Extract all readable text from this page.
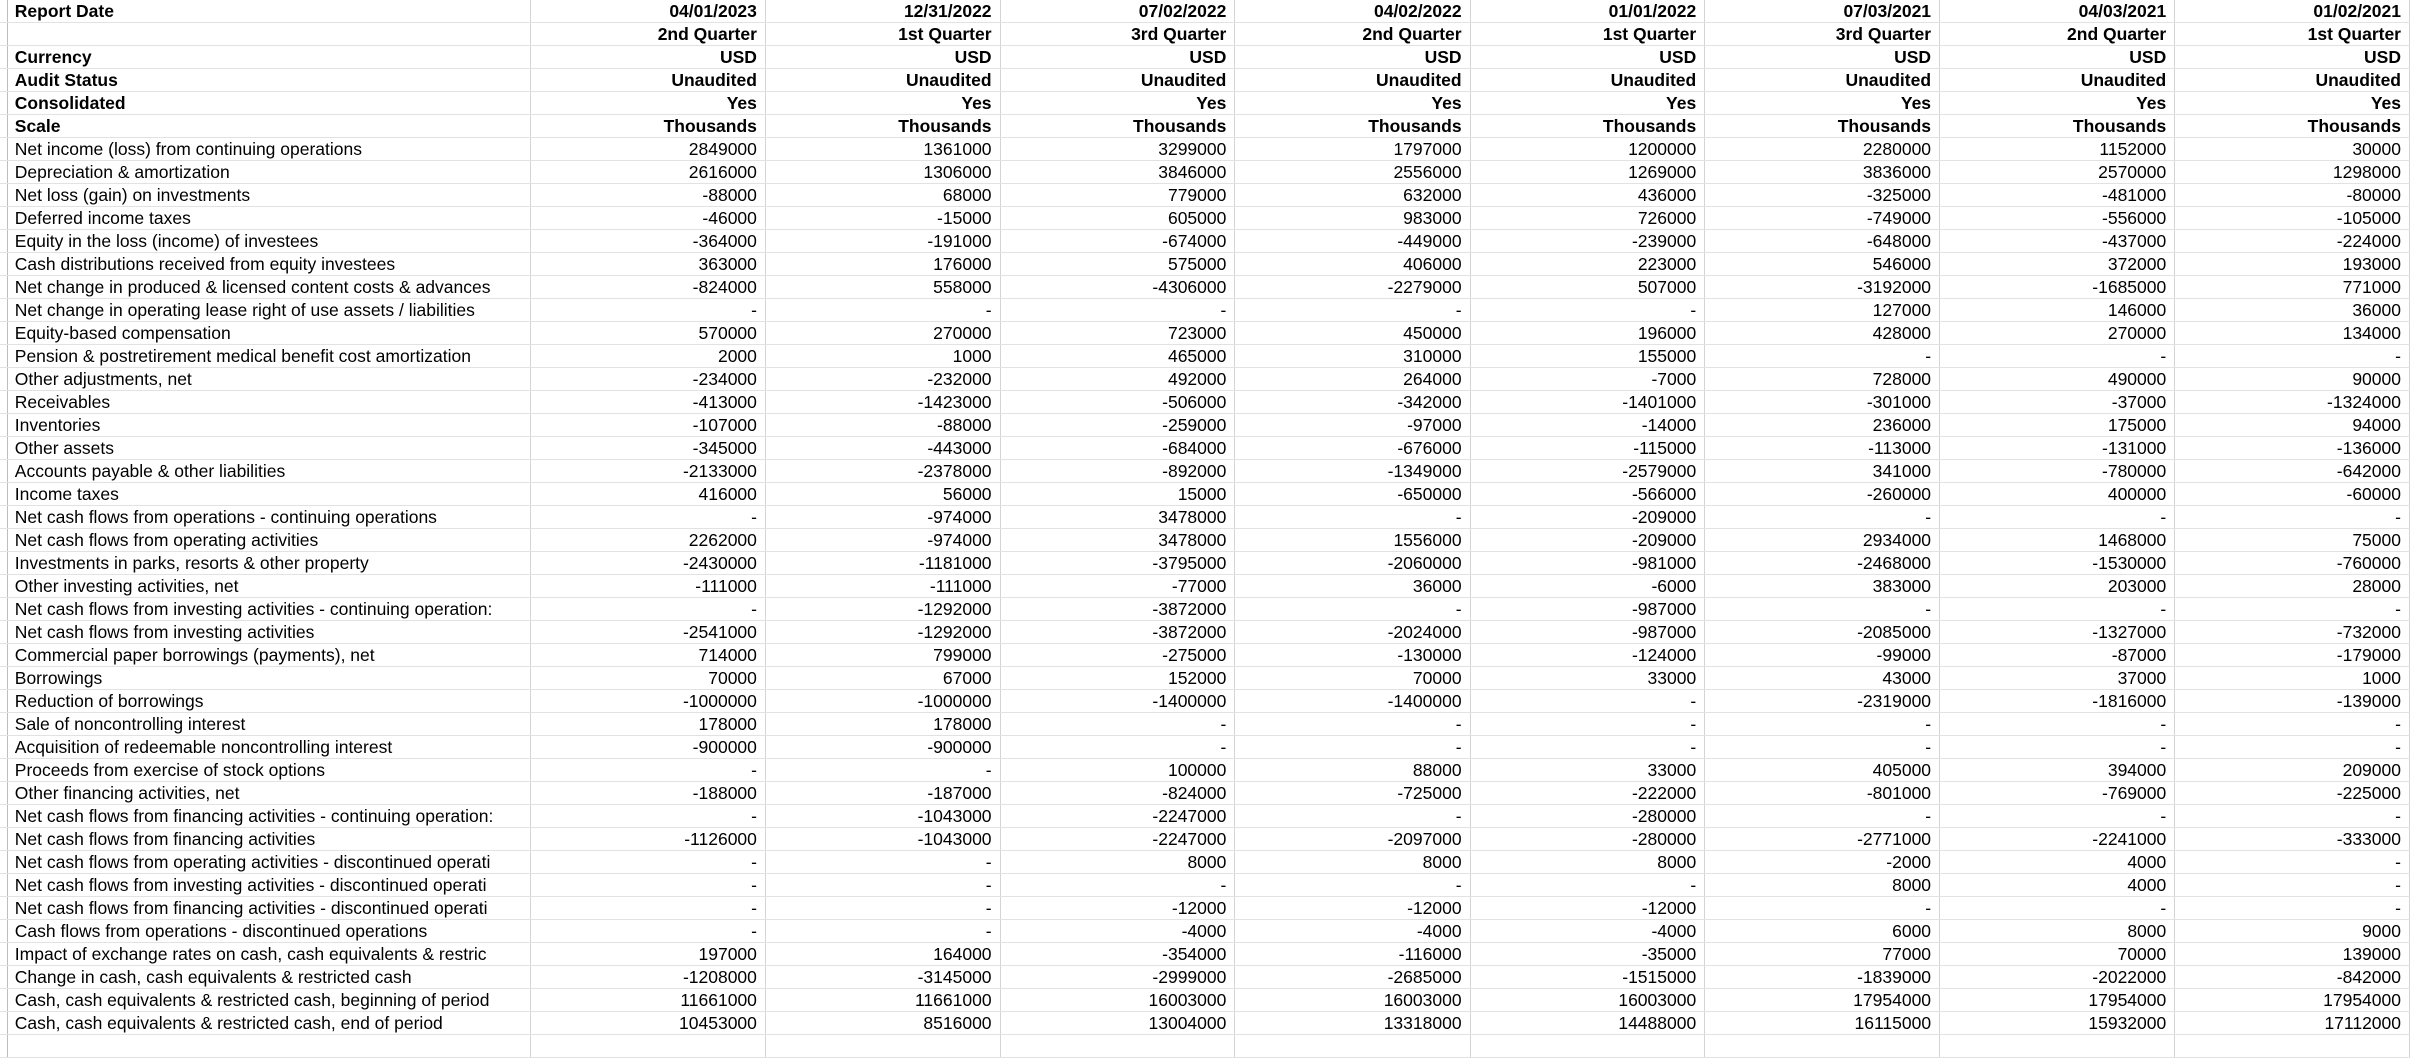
	Report Date	04/01/2023	12/31/2022	07/02/2022	04/02/2022	01/01/2022	07/03/2021	04/03/2021	01/02/2021
		2nd Quarter	1st Quarter	3rd Quarter	2nd Quarter	1st Quarter	3rd Quarter	2nd Quarter	1st Quarter
	Currency	USD	USD	USD	USD	USD	USD	USD	USD
	Audit Status	Unaudited	Unaudited	Unaudited	Unaudited	Unaudited	Unaudited	Unaudited	Unaudited
	Consolidated	Yes	Yes	Yes	Yes	Yes	Yes	Yes	Yes
	Scale	Thousands	Thousands	Thousands	Thousands	Thousands	Thousands	Thousands	Thousands
	Net income (loss) from continuing operations	2849000	1361000	3299000	1797000	1200000	2280000	1152000	30000
	Depreciation & amortization	2616000	1306000	3846000	2556000	1269000	3836000	2570000	1298000
	Net loss (gain) on investments	-88000	68000	779000	632000	436000	-325000	-481000	-80000
	Deferred income taxes	-46000	-15000	605000	983000	726000	-749000	-556000	-105000
	Equity in the loss (income) of investees	-364000	-191000	-674000	-449000	-239000	-648000	-437000	-224000
	Cash distributions received from equity investees	363000	176000	575000	406000	223000	546000	372000	193000
	Net change in produced & licensed content costs & advances	-824000	558000	-4306000	-2279000	507000	-3192000	-1685000	771000
	Net change in operating lease right of use assets / liabilities	-	-	-	-	-	127000	146000	36000
	Equity-based compensation	570000	270000	723000	450000	196000	428000	270000	134000
	Pension & postretirement medical benefit cost amortization	2000	1000	465000	310000	155000	-	-	-
	Other adjustments, net	-234000	-232000	492000	264000	-7000	728000	490000	90000
	Receivables	-413000	-1423000	-506000	-342000	-1401000	-301000	-37000	-1324000
	Inventories	-107000	-88000	-259000	-97000	-14000	236000	175000	94000
	Other assets	-345000	-443000	-684000	-676000	-115000	-113000	-131000	-136000
	Accounts payable & other liabilities	-2133000	-2378000	-892000	-1349000	-2579000	341000	-780000	-642000
	Income taxes	416000	56000	15000	-650000	-566000	-260000	400000	-60000
	Net cash flows from operations - continuing operations	-	-974000	3478000	-	-209000	-	-	-
	Net cash flows from operating activities	2262000	-974000	3478000	1556000	-209000	2934000	1468000	75000
	Investments in parks, resorts & other property	-2430000	-1181000	-3795000	-2060000	-981000	-2468000	-1530000	-760000
	Other investing activities, net	-111000	-111000	-77000	36000	-6000	383000	203000	28000
	Net cash flows from investing activities - continuing operation:	-	-1292000	-3872000	-	-987000	-	-	-
	Net cash flows from investing activities	-2541000	-1292000	-3872000	-2024000	-987000	-2085000	-1327000	-732000
	Commercial paper borrowings (payments), net	714000	799000	-275000	-130000	-124000	-99000	-87000	-179000
	Borrowings	70000	67000	152000	70000	33000	43000	37000	1000
	Reduction of borrowings	-1000000	-1000000	-1400000	-1400000	-	-2319000	-1816000	-139000
	Sale of noncontrolling interest	178000	178000	-	-	-	-	-	-
	Acquisition of redeemable noncontrolling interest	-900000	-900000	-	-	-	-	-	-
	Proceeds from exercise of stock options	-	-	100000	88000	33000	405000	394000	209000
	Other financing activities, net	-188000	-187000	-824000	-725000	-222000	-801000	-769000	-225000
	Net cash flows from financing activities - continuing operation:	-	-1043000	-2247000	-	-280000	-	-	-
	Net cash flows from financing activities	-1126000	-1043000	-2247000	-2097000	-280000	-2771000	-2241000	-333000
	Net cash flows from operating activities - discontinued operati	-	-	8000	8000	8000	-2000	4000	-
	Net cash flows from investing activities - discontinued operati	-	-	-	-	-	8000	4000	-
	Net cash flows from financing activities - discontinued operati	-	-	-12000	-12000	-12000	-	-	-
	Cash flows from operations - discontinued operations	-	-	-4000	-4000	-4000	6000	8000	9000
	Impact of exchange rates on cash, cash equivalents & restric	197000	164000	-354000	-116000	-35000	77000	70000	139000
	Change in cash, cash equivalents & restricted cash	-1208000	-3145000	-2999000	-2685000	-1515000	-1839000	-2022000	-842000
	Cash, cash equivalents & restricted cash, beginning of period	11661000	11661000	16003000	16003000	16003000	17954000	17954000	17954000
	Cash, cash equivalents & restricted cash, end of period	10453000	8516000	13004000	13318000	14488000	16115000	15932000	17112000
